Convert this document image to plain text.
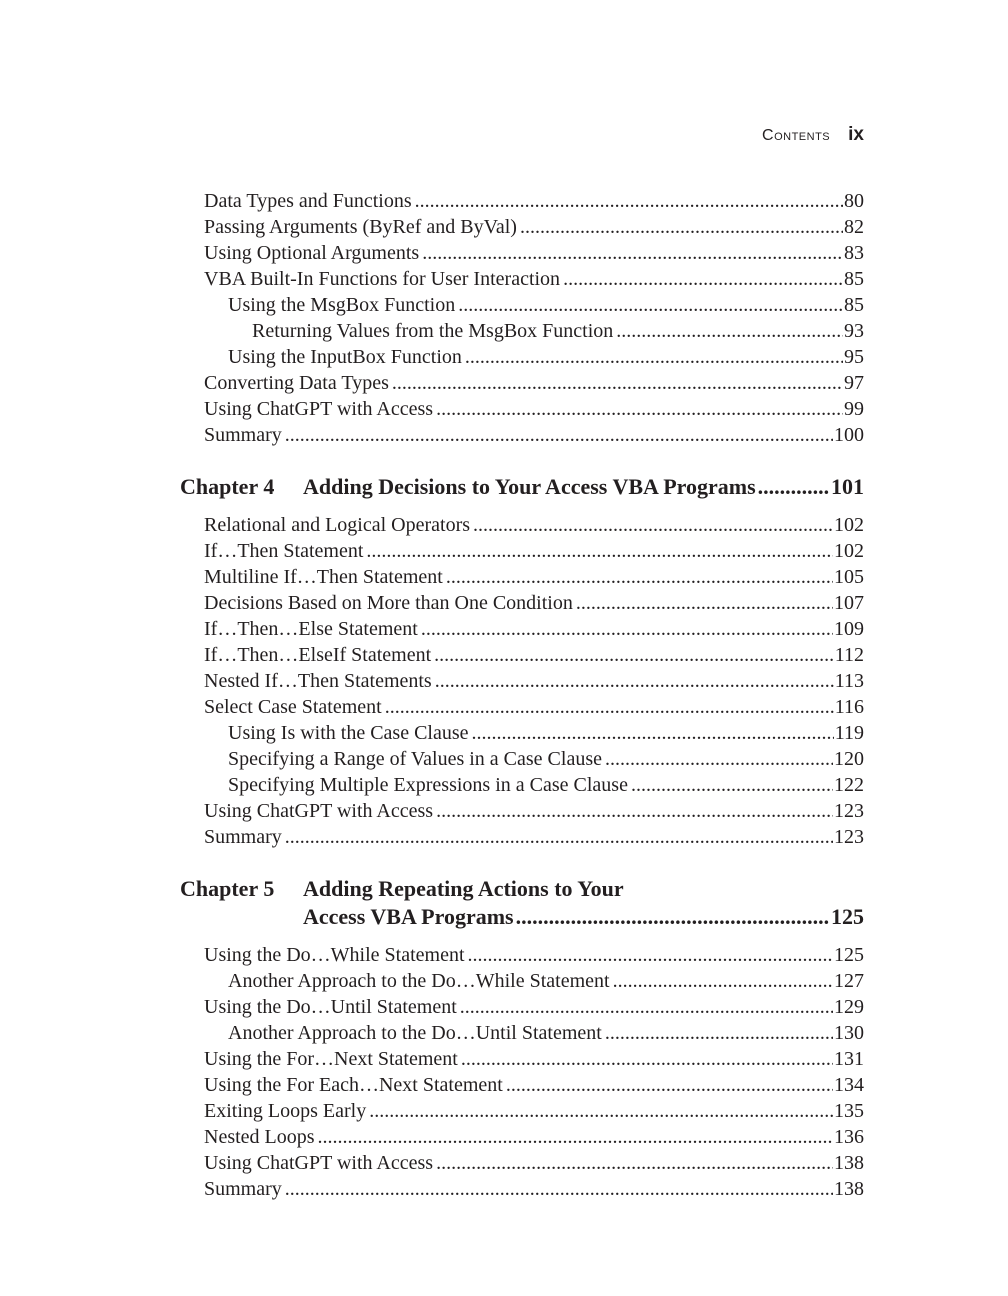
Contents ix
Data Types and Functions .....	80
Passing Arguments (ByRef and ByVal) .....	82
Using Optional Arguments .....	83
VBA Built-In Functions for User Interaction .....	85
Using the MsgBox Function .....	85
Returning Values from the MsgBox Function .....	93
Using the InputBox Function .....	95
Converting Data Types .....	97
Using ChatGPT with Access .....	99
Summary .....	100
Chapter 4 Adding Decisions to Your Access VBA Programs .....	101
Relational and Logical Operators .....	102
If…Then Statement .....	102
Multiline If…Then Statement .....	105
Decisions Based on More than One Condition .....	107
If…Then…Else Statement .....	109
If…Then…ElseIf Statement .....	112
Nested If…Then Statements .....	113
Select Case Statement .....	116
Using Is with the Case Clause .....	119
Specifying a Range of Values in a Case Clause .....	120
Specifying Multiple Expressions in a Case Clause .....	122
Using ChatGPT with Access .....	123
Summary .....	123
Chapter 5 Adding Repeating Actions to Your
Access VBA Programs .....	125
Using the Do…While Statement .....	125
Another Approach to the Do…While Statement .....	127
Using the Do…Until Statement .....	129
Another Approach to the Do…Until Statement .....	130
Using the For…Next Statement .....	131
Using the For Each…Next Statement .....	134
Exiting Loops Early .....	135
Nested Loops .....	136
Using ChatGPT with Access .....	138
Summary .....	138
